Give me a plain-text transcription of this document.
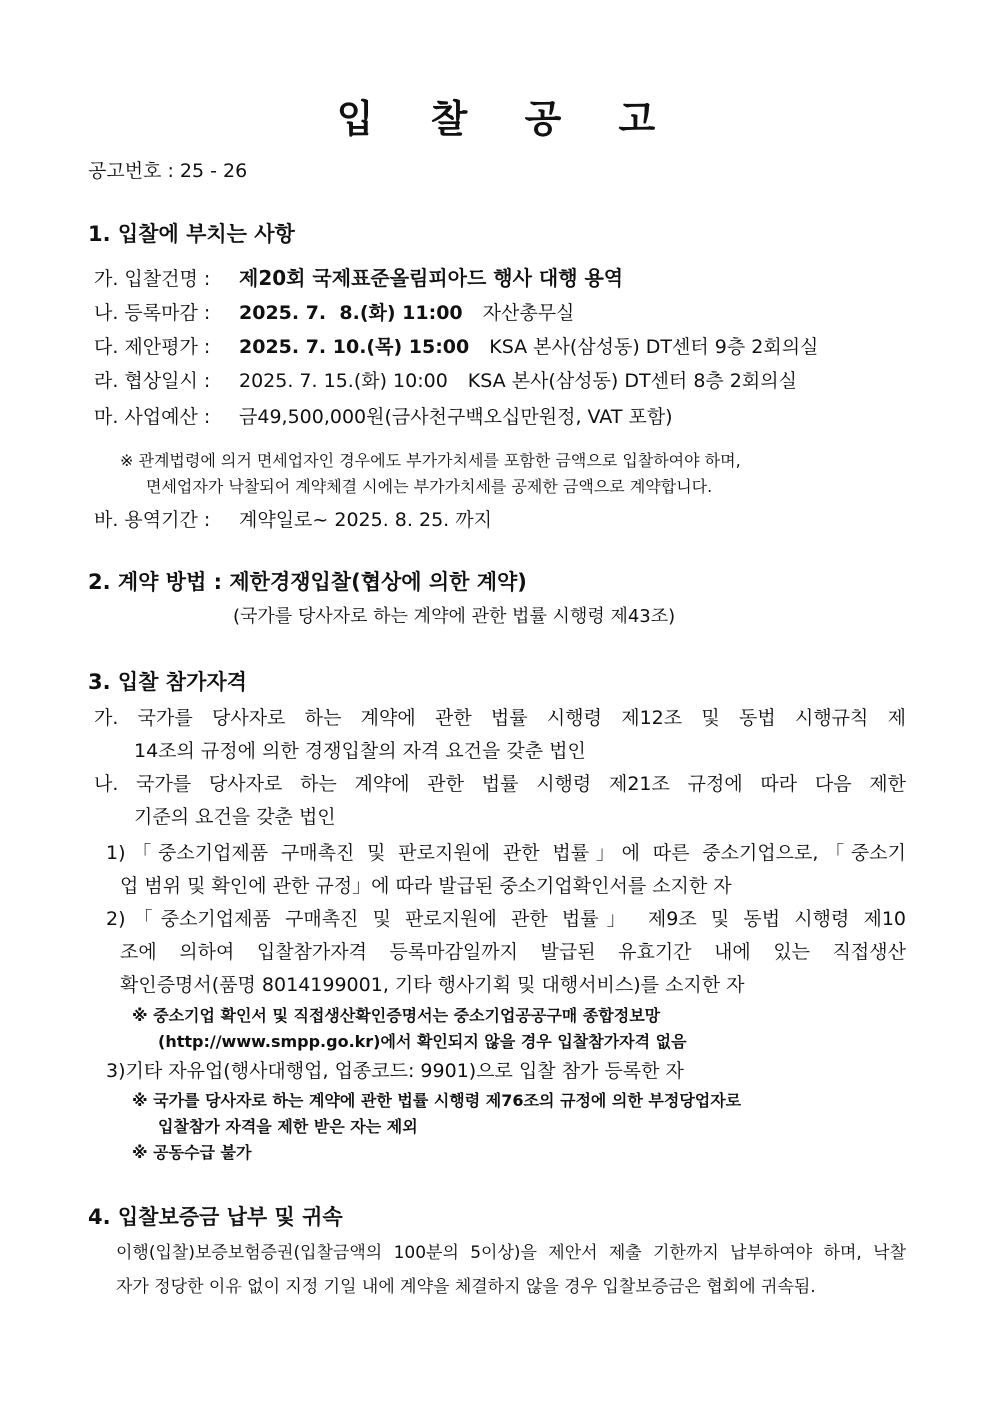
입 찰 공 고
공고번호 : 25 - 26
1. 입찰에 부치는 사항
가. 입찰건명 : 제20회 국제표준올림피아드 행사 대행 용역
나. 등록마감 : 2025. 7.  8.(화) 11:00 자산총무실
다. 제안평가 : 2025. 7. 10.(목) 15:00 KSA 본사(삼성동) DT센터 9층 2회의실
라. 협상일시 : 2025. 7. 15.(화) 10:00 KSA 본사(삼성동) DT센터 8층 2회의실
마. 사업예산 : 금49,500,000원(금사천구백오십만원정, VAT 포함)
※ 관계법령에 의거 면세업자인 경우에도 부가가치세를 포함한 금액으로 입찰하여야 하며,
면세업자가 낙찰되어 계약체결 시에는 부가가치세를 공제한 금액으로 계약합니다.
바. 용역기간 : 계약일로~ 2025. 8. 25. 까지
2. 계약 방법 : 제한경쟁입찰(협상에 의한 계약)
(국가를 당사자로 하는 계약에 관한 법률 시행령 제43조)
3. 입찰 참가자격
가. 국가를 당사자로 하는 계약에 관한 법률 시행령 제12조 및 동법 시행규칙 제
14조의 규정에 의한 경쟁입찰의 자격 요건을 갖춘 법인
나. 국가를 당사자로 하는 계약에 관한 법률 시행령 제21조 규정에 따라 다음 제한
기준의 요건을 갖춘 법인
1)「중소기업제품 구매촉진 및 판로지원에 관한 법률」에 따른 중소기업으로,「중소기
업 범위 및 확인에 관한 규정」에 따라 발급된 중소기업확인서를 소지한 자
2)「중소기업제품 구매촉진 및 판로지원에 관한 법률」 제9조 및 동법 시행령 제10
조에 의하여 입찰참가자격 등록마감일까지 발급된 유효기간 내에 있는 직접생산
확인증명서(품명 8014199001, 기타 행사기획 및 대행서비스)를 소지한 자
※ 중소기업 확인서 및 직접생산확인증명서는 중소기업공공구매 종합정보망
(http://www.smpp.go.kr)에서 확인되지 않을 경우 입찰참가자격 없음
3)기타 자유업(행사대행업, 업종코드: 9901)으로 입찰 참가 등록한 자
※ 국가를 당사자로 하는 계약에 관한 법률 시행령 제76조의 규정에 의한 부정당업자로
입찰참가 자격을 제한 받은 자는 제외
※ 공동수급 불가
4. 입찰보증금 납부 및 귀속
이행(입찰)보증보험증권(입찰금액의 100분의 5이상)을 제안서 제출 기한까지 납부하여야 하며, 낙찰
자가 정당한 이유 없이 지정 기일 내에 계약을 체결하지 않을 경우 입찰보증금은 협회에 귀속됨.
